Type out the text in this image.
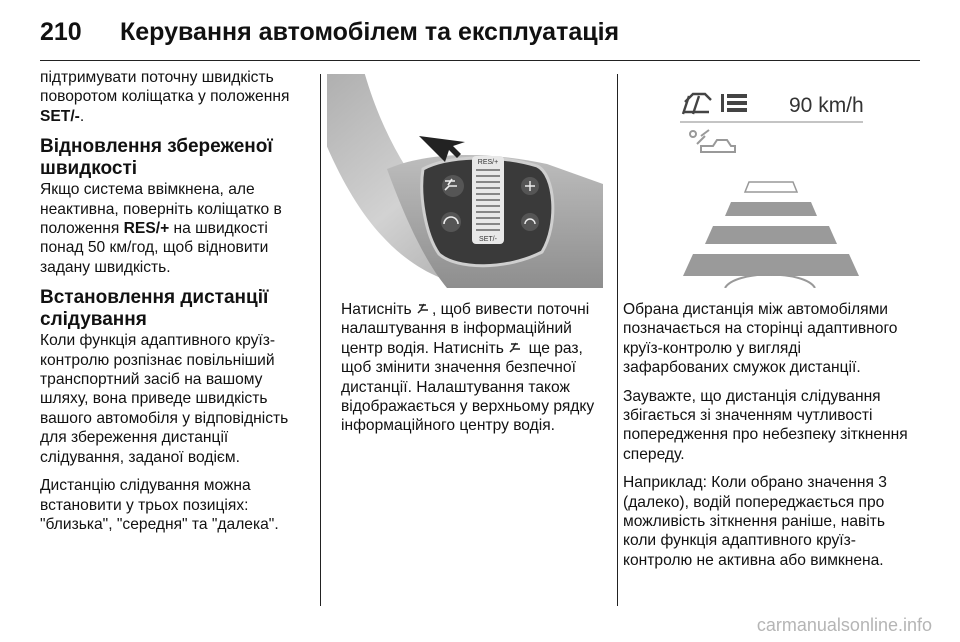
210 Керування автомобілем та експлуатація

підтримувати поточну швидкість поворотом коліщатка у положення SET/-.

Відновлення збереженої швидкості

Якщо система ввімкнена, але неактивна, поверніть коліщатко в положення RES/+ на швидкості понад 50 км/год, щоб відновити задану швидкість.

Встановлення дистанції слідування

Коли функція адаптивного круїз-контролю розпізнає повільніший транспортний засіб на вашому шляху, вона приведе швидкість вашого автомобіля у відповідність для збереження дистанції слідування, заданої водієм.

Дистанцію слідування можна встановити у трьох позиціях: "близька", "середня" та "далека".

RES/+
SET/-
90 km/h

Натисніть , щоб вивести поточні налаштування в інформаційний центр водія. Натисніть ще раз, щоб змінити значення безпечної дистанції. Налаштування також відображається у верхньому рядку інформаційного центру водія.

Обрана дистанція між автомобілями позначається на сторінці адаптивного круїз-контролю у вигляді зафарбованих смужок дистанції.

Зауважте, що дистанція слідування збігається зі значенням чутливості попередження про небезпеку зіткнення спереду.

Наприклад: Коли обрано значення 3 (далеко), водій попереджається про можливість зіткнення раніше, навіть коли функція адаптивного круїз-контролю не активна або вимкнена.

carmanualsonline.info
